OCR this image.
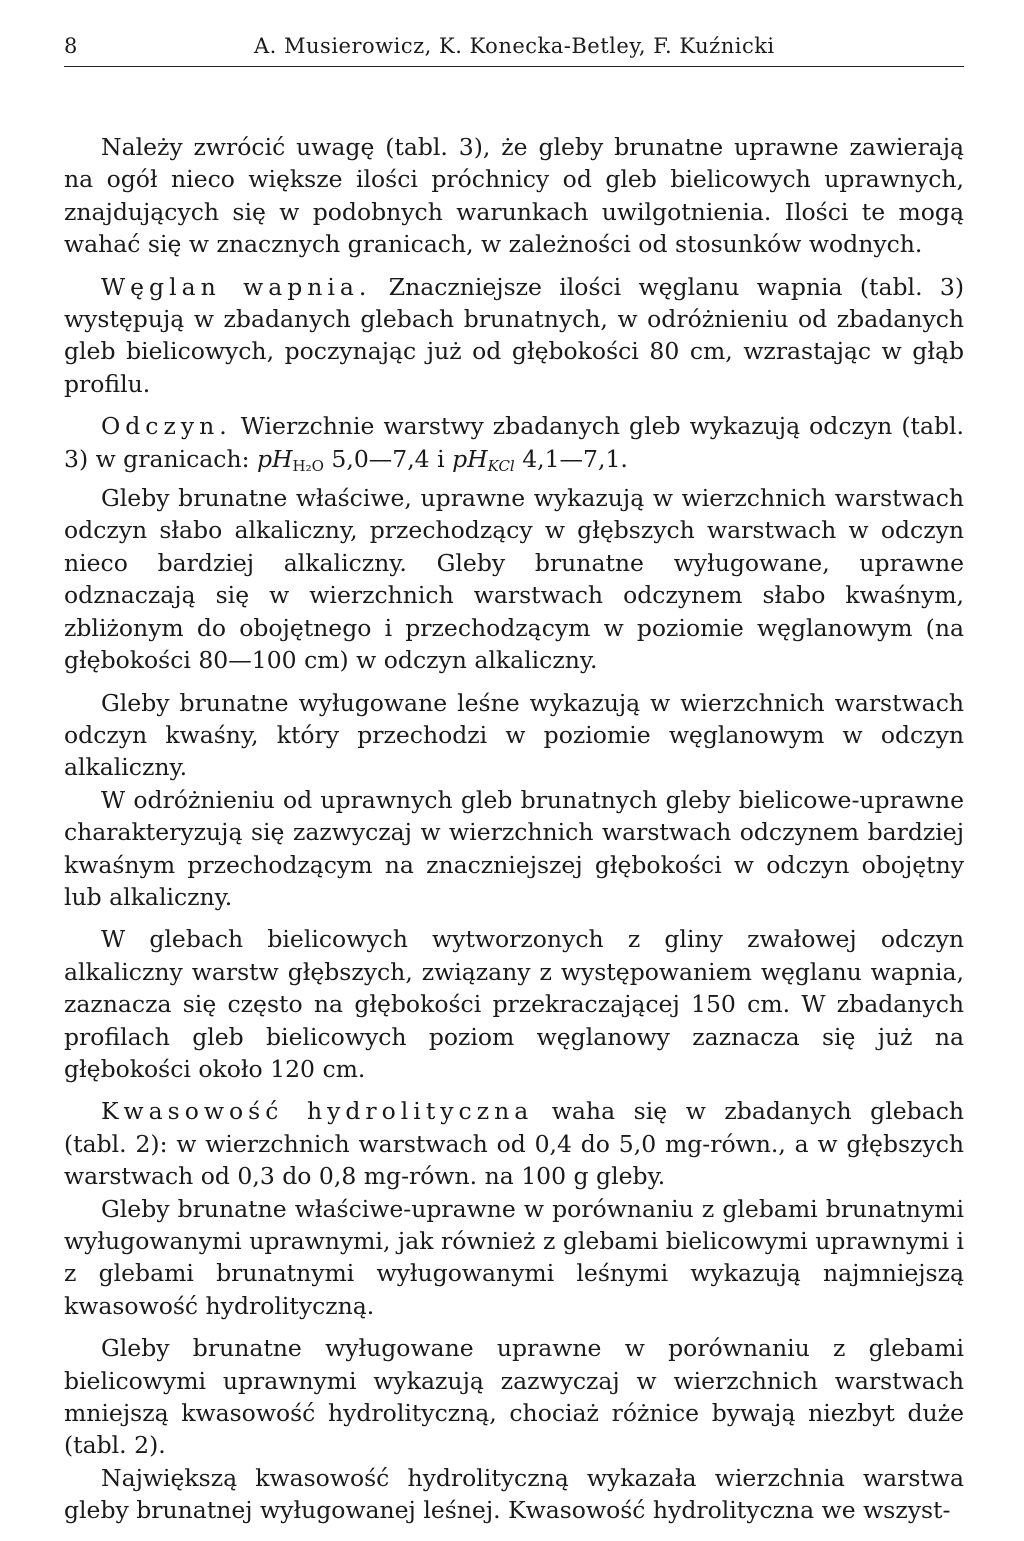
8	A. Musierowicz, K. Konecka-Betley, F. Kuźnicki

Należy zwrócić uwagę (tabl. 3), że gleby brunatne uprawne zawierają na ogół nieco większe ilości próchnicy od gleb bielicowych uprawnych, znajdujących się w podobnych warunkach uwilgotnienia. Ilości te mogą wahać się w znacznych granicach, w zależności od stosunków wodnych.

Węglan wapnia. Znaczniejsze ilości węglanu wapnia (tabl. 3) występują w zbadanych glebach brunatnych, w odróżnieniu od zbadanych gleb bielicowych, poczynając już od głębokości 80 cm, wzrastając w głąb profilu.

Odczyn. Wierzchnie warstwy zbadanych gleb wykazują odczyn (tabl. 3) w granicach: $pH_{H_2O}$ 5,0—7,4 i $pH_{KCl}$ 4,1—7,1.

Gleby brunatne właściwe, uprawne wykazują w wierzchnich warstwach odczyn słabo alkaliczny, przechodzący w głębszych warstwach w odczyn nieco bardziej alkaliczny. Gleby brunatne wyługowane, uprawne odznaczają się w wierzchnich warstwach odczynem słabo kwaśnym, zbliżonym do obojętnego i przechodzącym w poziomie węglanowym (na głębokości 80—100 cm) w odczyn alkaliczny.

Gleby brunatne wyługowane leśne wykazują w wierzchnich warstwach odczyn kwaśny, który przechodzi w poziomie węglanowym w odczyn alkaliczny.

W odróżnieniu od uprawnych gleb brunatnych gleby bielicowe-uprawne charakteryzują się zazwyczaj w wierzchnich warstwach odczynem bardziej kwaśnym przechodzącym na znaczniejszej głębokości w odczyn obojętny lub alkaliczny.

W glebach bielicowych wytworzonych z gliny zwałowej odczyn alkaliczny warstw głębszych, związany z występowaniem węglanu wapnia, zaznacza się często na głębokości przekraczającej 150 cm. W zbadanych profilach gleb bielicowych poziom węglanowy zaznacza się już na głębokości około 120 cm.

Kwasowość hydrolityczna waha się w zbadanych glebach (tabl. 2): w wierzchnich warstwach od 0,4 do 5,0 mg-równ., a w głębszych warstwach od 0,3 do 0,8 mg-równ. na 100 g gleby.

Gleby brunatne właściwe-uprawne w porównaniu z glebami brunatnymi wyługowanymi uprawnymi, jak również z glebami bielicowymi uprawnymi i z glebami brunatnymi wyługowanymi leśnymi wykazują najmniejszą kwasowość hydrolityczną.

Gleby brunatne wyługowane uprawne w porównaniu z glebami bielicowymi uprawnymi wykazują zazwyczaj w wierzchnich warstwach mniejszą kwasowość hydrolityczną, chociaż różnice bywają niezbyt duże (tabl. 2).

Największą kwasowość hydrolityczną wykazała wierzchnia warstwa gleby brunatnej wyługowanej leśnej. Kwasowość hydrolityczna we wszyst-
